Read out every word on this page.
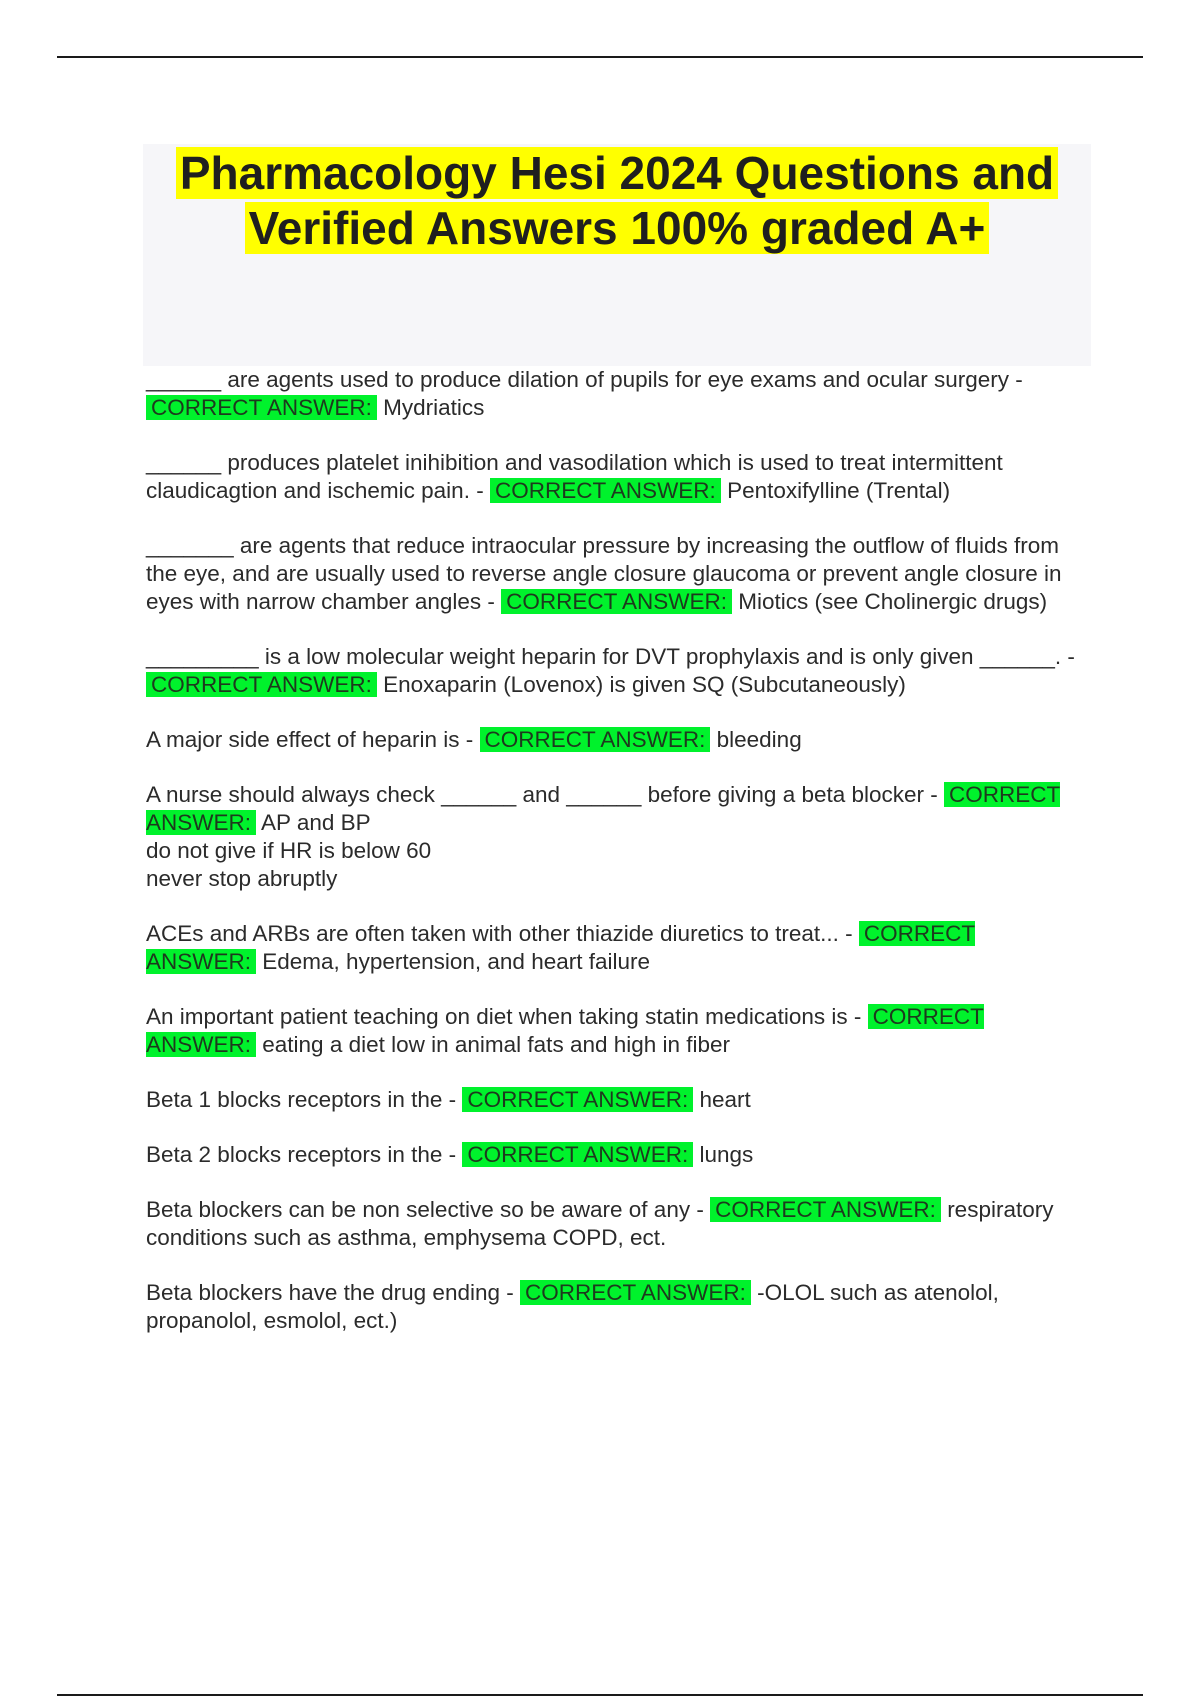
Pharmacology Hesi 2024 Questions and
Verified Answers 100% graded A+
______ are agents used to produce dilation of pupils for eye exams and ocular surgery - CORRECT ANSWER: Mydriatics
______ produces platelet inihibition and vasodilation which is used to treat intermittent claudicagtion and ischemic pain. - CORRECT ANSWER: Pentoxifylline (Trental)
_______ are agents that reduce intraocular pressure by increasing the outflow of fluids from the eye, and are usually used to reverse angle closure glaucoma or prevent angle closure in eyes with narrow chamber angles - CORRECT ANSWER: Miotics (see Cholinergic drugs)
_________ is a low molecular weight heparin for DVT prophylaxis and is only given ______. - CORRECT ANSWER: Enoxaparin (Lovenox) is given SQ (Subcutaneously)
A major side effect of heparin is - CORRECT ANSWER: bleeding
A nurse should always check ______ and ______ before giving a beta blocker - CORRECT ANSWER: AP and BP
do not give if HR is below 60
never stop abruptly
ACEs and ARBs are often taken with other thiazide diuretics to treat... - CORRECT ANSWER: Edema, hypertension, and heart failure
An important patient teaching on diet when taking statin medications is - CORRECT ANSWER: eating a diet low in animal fats and high in fiber
Beta 1 blocks receptors in the - CORRECT ANSWER: heart
Beta 2 blocks receptors in the - CORRECT ANSWER: lungs
Beta blockers can be non selective so be aware of any - CORRECT ANSWER: respiratory conditions such as asthma, emphysema COPD, ect.
Beta blockers have the drug ending - CORRECT ANSWER: -OLOL such as atenolol, propanolol, esmolol, ect.)
